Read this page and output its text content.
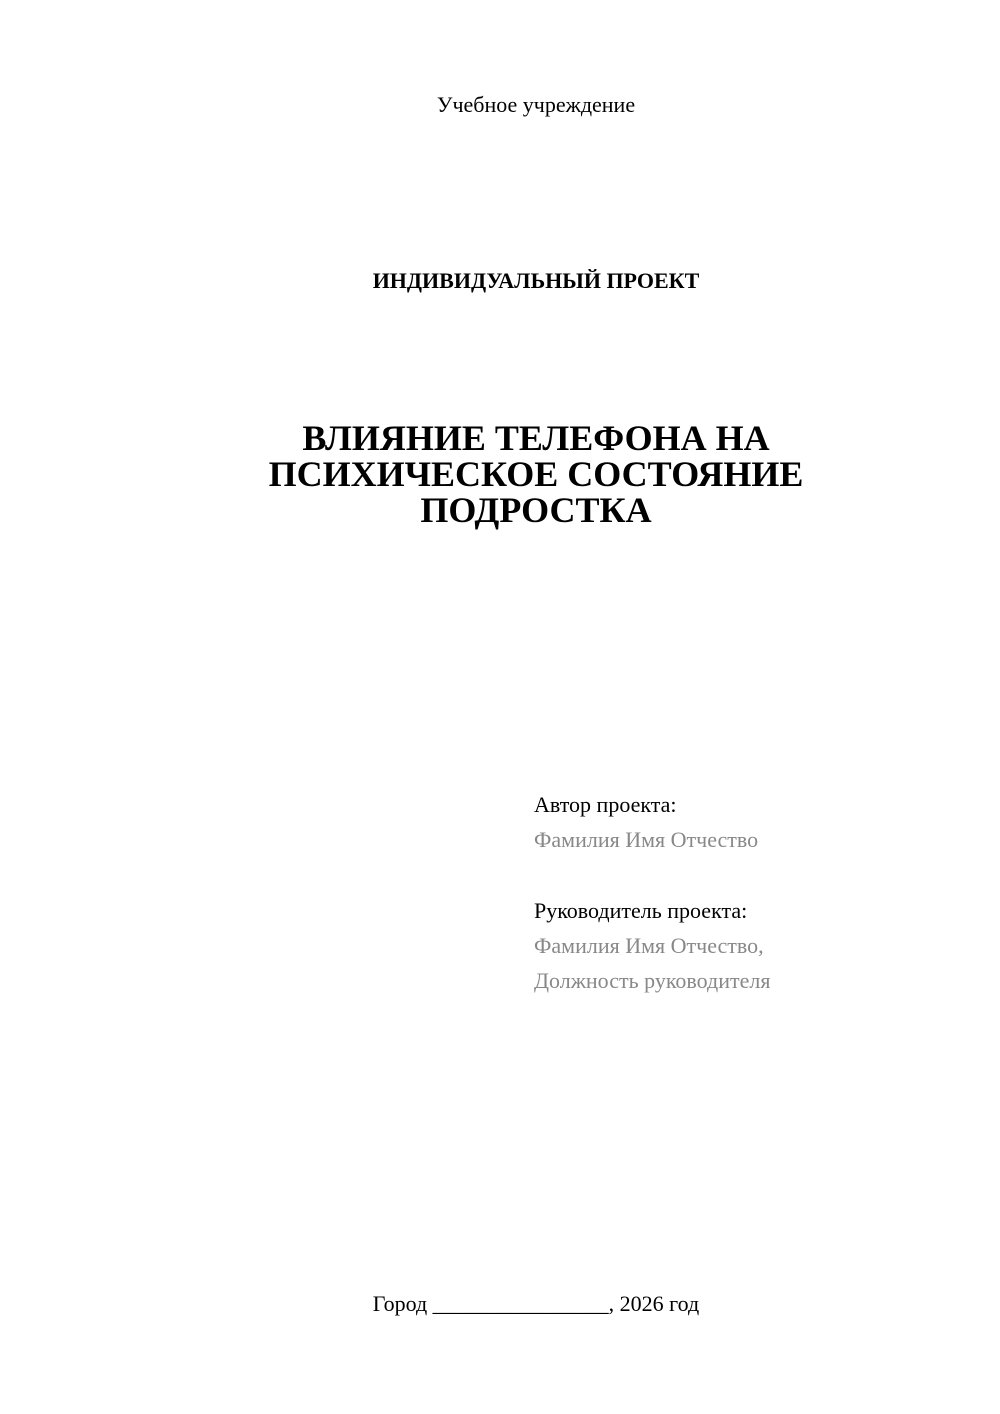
Учебное учреждение
ИНДИВИДУАЛЬНЫЙ ПРОЕКТ
ВЛИЯНИЕ ТЕЛЕФОНА НА
ПСИХИЧЕСКОЕ СОСТОЯНИЕ
ПОДРОСТКА
Автор проекта:
Фамилия Имя Отчество
Руководитель проекта:
Фамилия Имя Отчество,
Должность руководителя
Город ________________, 2026 год
